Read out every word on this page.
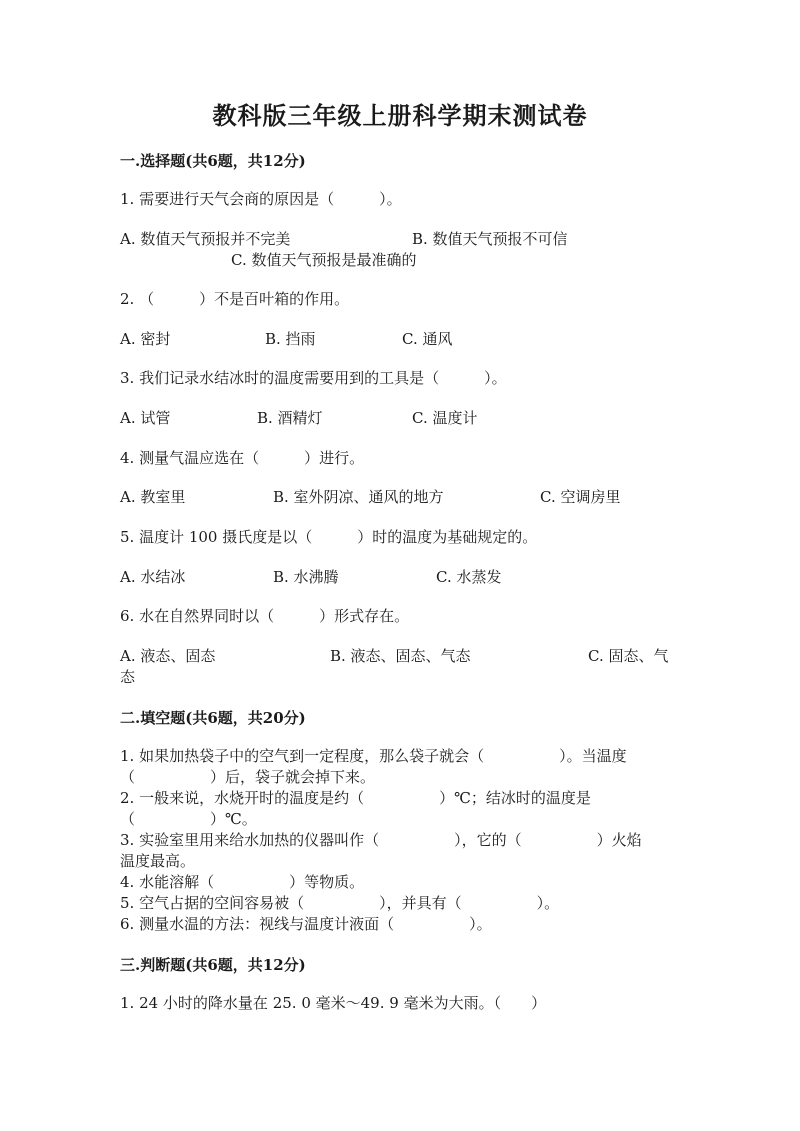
教科版三年级上册科学期末测试卷
一.选择题(共6题，共12分)
1. 需要进行天气会商的原因是（　　　）。
A. 数值天气预报并不完美	B. 数值天气预报不可信
C. 数值天气预报是最准确的
2. （　　　）不是百叶箱的作用。
A. 密封	B. 挡雨	C. 通风
3. 我们记录水结冰时的温度需要用到的工具是（　　　）。
A. 试管	B. 酒精灯	C. 温度计
4. 测量气温应选在（　　　）进行。
A. 教室里	B. 室外阴凉、通风的地方	C. 空调房里
5. 温度计 100 摄氏度是以（　　　）时的温度为基础规定的。
A. 水结冰	B. 水沸腾	C. 水蒸发
6. 水在自然界同时以（　　　）形式存在。
A. 液态、固态	B. 液态、固态、气态	C. 固态、气
态
二.填空题(共6题，共20分)
1. 如果加热袋子中的空气到一定程度，那么袋子就会（　　　　　）。当温度
（　　　　　）后，袋子就会掉下来。
2. 一般来说，水烧开时的温度是约（　　　　　）℃；结冰时的温度是
（　　　　　）℃。
3. 实验室里用来给水加热的仪器叫作（　　　　　），它的（　　　　　）火焰
温度最高。
4. 水能溶解（　　　　　）等物质。
5. 空气占据的空间容易被（　　　　　），并具有（　　　　　）。
6. 测量水温的方法：视线与温度计液面（　　　　　）。
三.判断题(共6题，共12分)
1. 24 小时的降水量在 25. 0 毫米～49. 9 毫米为大雨。（　　）
